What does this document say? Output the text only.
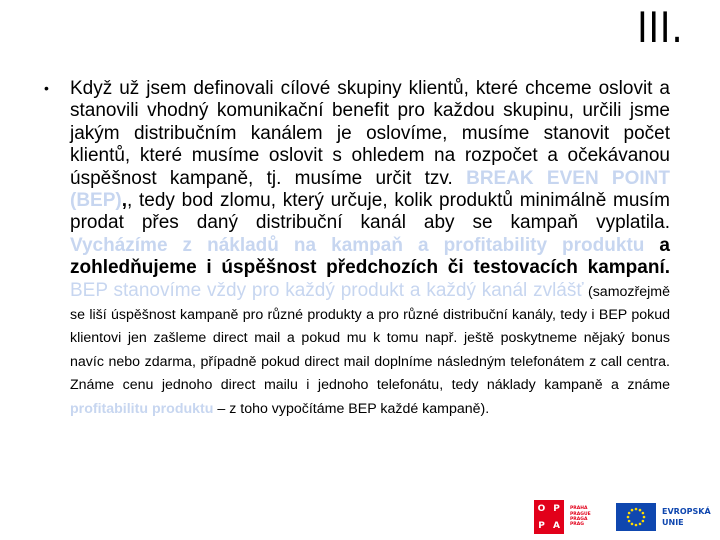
III.
• Když už jsem definovali cílové skupiny klientů, které chceme oslovit a stanovili vhodný komunikační benefit pro každou skupinu, určili jsme jakým distribučním kanálem je oslovíme, musíme stanovit počet klientů, které musíme oslovit s ohledem na rozpočet a očekávanou úspěšnost kampaně, tj. musíme určit tzv. BREAK EVEN POINT (BEP),, tedy bod zlomu, který určuje, kolik produktů minimálně musím prodat přes daný distribuční kanál aby se kampaň vyplatila. Vycházíme z nákladů na kampaň a profitability produktu a zohledňujeme i úspěšnost předchozích či testovacích kampaní. BEP stanovíme vždy pro každý produkt a každý kanál zvlášť (samozřejmě se liší úspěšnost kampaně pro různé produkty a pro různé distribuční kanály, tedy i BEP pokud klientovi jen zašleme direct mail a pokud mu k tomu např. ještě poskytneme nějaký bonus navíc nebo zdarma, případně pokud direct mail doplníme následným telefonátem z call centra. Známe cenu jednoho direct mailu i jednoho telefonátu, tedy náklady kampaně a známe profitabilitu produktu – z toho vypočítáme BEP každé kampaně).
O P
P A
PRAHA
PRAGUE
PRAGA
PRAG
EVROPSKÁ
UNIE
